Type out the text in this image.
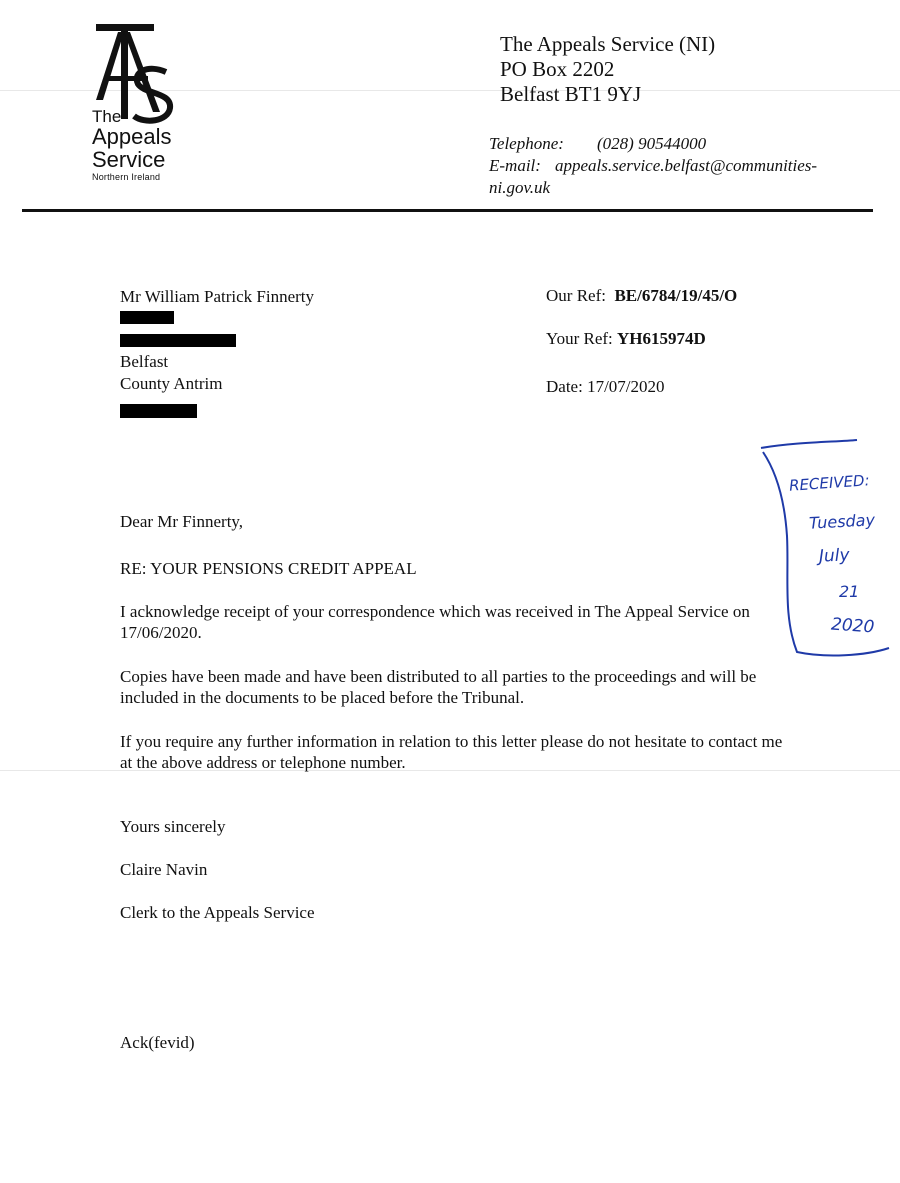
The
Appeals
Service
Northern Ireland
The Appeals Service (NI)
PO Box 2202
Belfast BT1 9YJ
Telephone: (028) 90544000
E-mail: appeals.service.belfast@communities-
ni.gov.uk
Mr William Patrick Finnerty
Belfast
County Antrim
Our Ref: BE/6784/19/45/O
Your Ref: YH615974D
Date: 17/07/2020
RECEIVED:
Tuesday
July
21
2020
Dear Mr Finnerty,
RE: YOUR PENSIONS CREDIT APPEAL
I acknowledge receipt of your correspondence which was received in The Appeal Service on 17/06/2020.
Copies have been made and have been distributed to all parties to the proceedings and will be included in the documents to be placed before the Tribunal.
If you require any further information in relation to this letter please do not hesitate to contact me at the above address or telephone number.
Yours sincerely
Claire Navin
Clerk to the Appeals Service
Ack(fevid)
